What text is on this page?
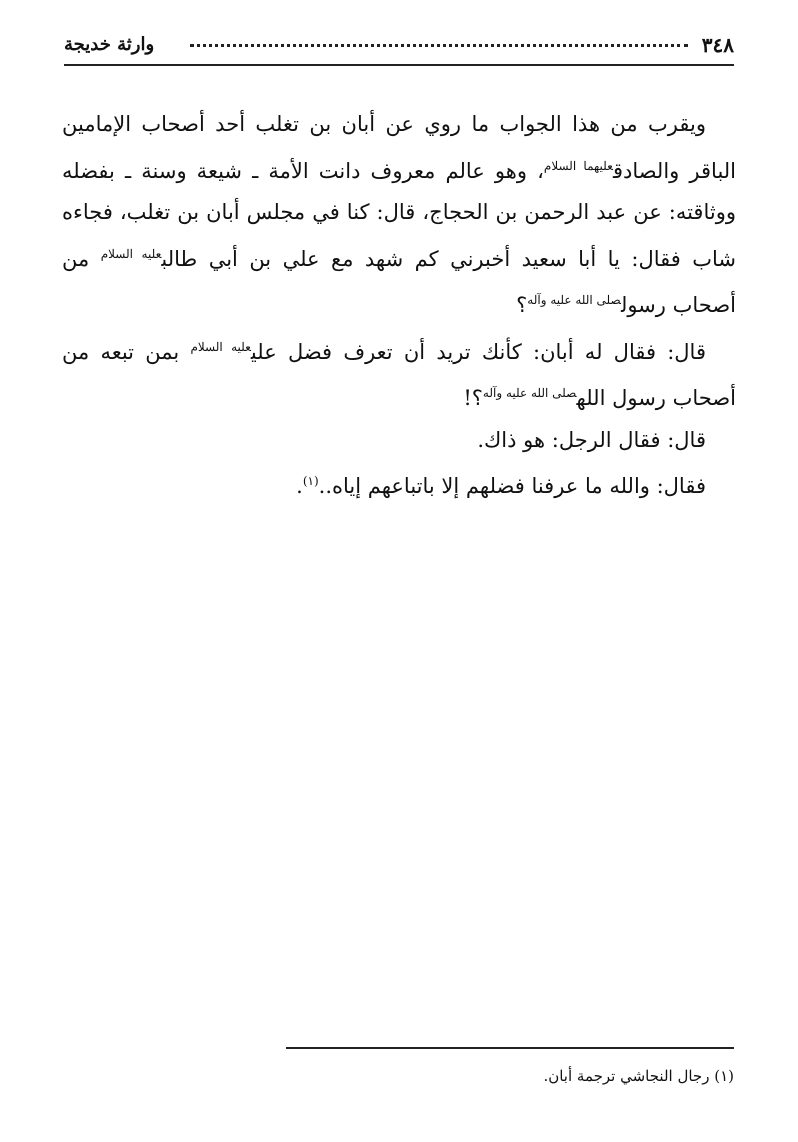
٣٤٨
وارثة خديجة

ويقرب من هذا الجواب ما روي عن أبان بن تغلب أحد أصحاب الإمامين الباقر والصادق$^{عليهما السلام}$، وهو عالم معروف دانت الأمة ـ شيعة وسنة ـ بفضله ووثاقته: عن عبد الرحمن بن الحجاج، قال: كنا في مجلس أبان بن تغلب، فجاءه شاب فقال: يا أبا سعيد أخبرني كم شهد مع علي بن أبي طالب$^{عليه السلام}$ من أصحاب رسول$^{صلى الله عليه وآله}$؟

قال: فقال له أبان: كأنك تريد أن تعرف فضل علي$^{عليه السلام}$ بمن تبعه من أصحاب رسول الله$^{صلى الله عليه وآله}$؟!

قال: فقال الرجل: هو ذاك.

فقال: والله ما عرفنا فضلهم إلا باتباعهم إياه..$^{(١)}$.

(١) رجال النجاشي ترجمة أبان.
